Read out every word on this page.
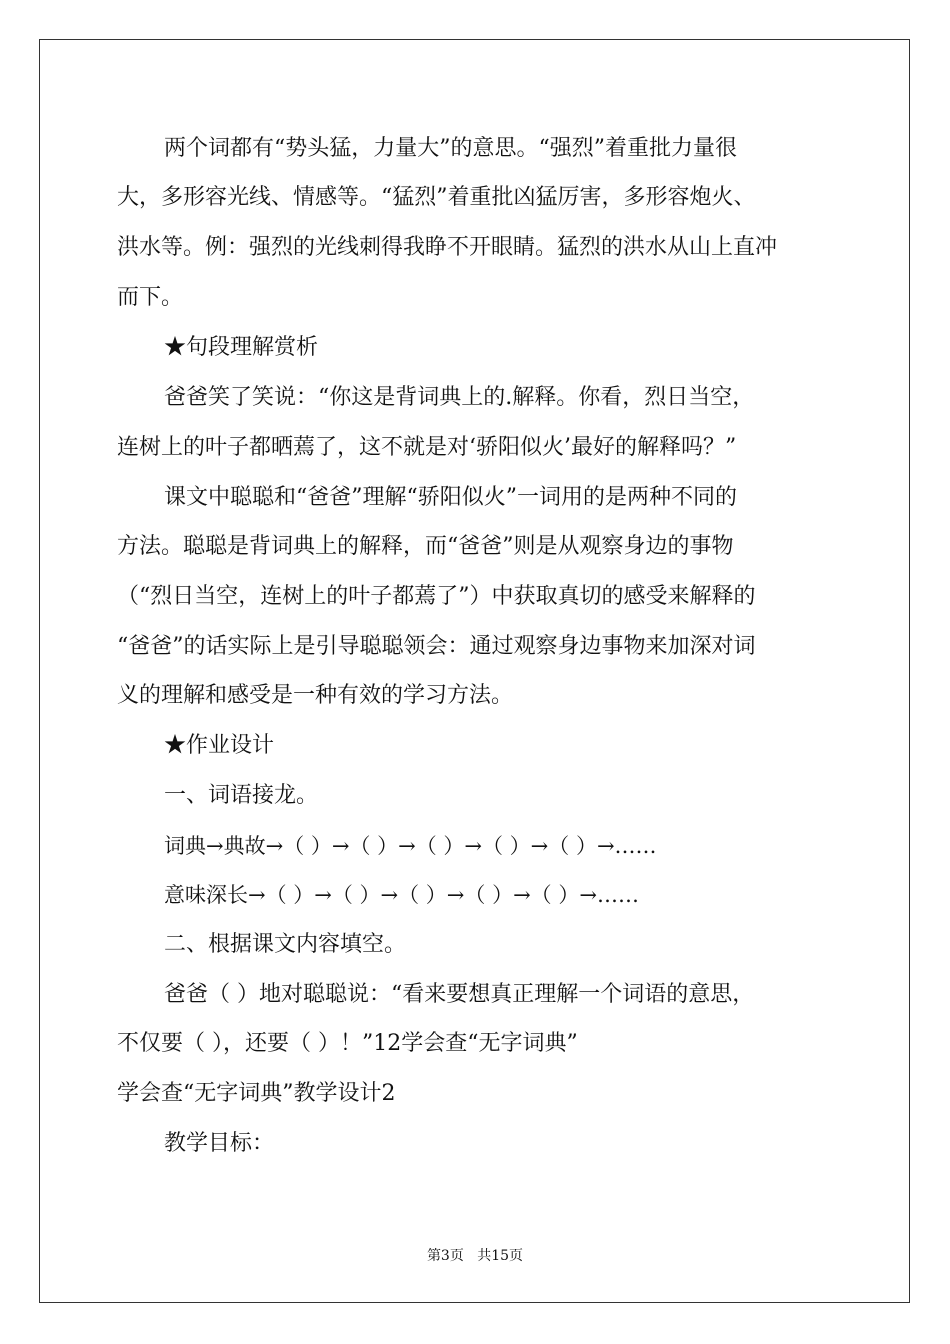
两个词都有“势头猛，力量大”的意思。“强烈”着重批力量很
大，多形容光线、情感等。“猛烈”着重批凶猛厉害，多形容炮火、
洪水等。例：强烈的光线刺得我睁不开眼睛。猛烈的洪水从山上直冲
而下。
★句段理解赏析
爸爸笑了笑说：“你这是背词典上的.解释。你看，烈日当空，
连树上的叶子都晒蔫了，这不就是对‘骄阳似火’最好的解释吗？”
课文中聪聪和“爸爸”理解“骄阳似火”一词用的是两种不同的
方法。聪聪是背词典上的解释，而“爸爸”则是从观察身边的事物
（“烈日当空，连树上的叶子都蔫了”）中获取真切的感受来解释的
“爸爸”的话实际上是引导聪聪领会：通过观察身边事物来加深对词
义的理解和感受是一种有效的学习方法。
★作业设计
一、词语接龙。
词典→典故→（ ）→（ ）→（ ）→（ ）→（ ）→……
意味深长→（ ）→（ ）→（ ）→（ ）→（ ）→……
二、根据课文内容填空。
爸爸（ ）地对聪聪说：“看来要想真正理解一个词语的意思，
不仅要（ ），还要（ ）！”12学会查“无字词典”
学会查“无字词典”教学设计2
教学目标：
第3页 共15页
